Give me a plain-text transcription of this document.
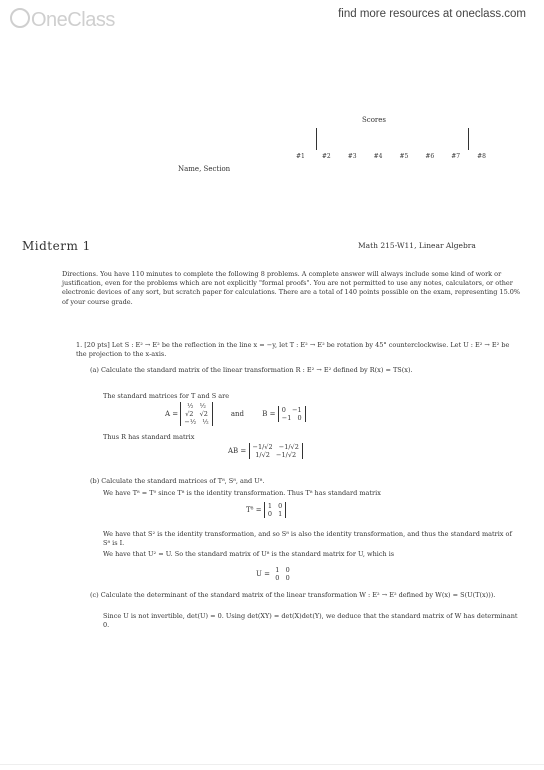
OneClass	find more resources at oneclass.com
Scores
#1	#2	#3	#4	#5	#6	#7	#8
Name, Section
Midterm 1	Math 215-W11, Linear Algebra
Directions. You have 110 minutes to complete the following 8 problems. A complete answer will always include some kind of work or justification, even for the problems which are not explicitly "formal proofs". You are not permitted to use any notes, calculators, or other electronic devices of any sort, but scratch paper for calculations. There are a total of 140 points possible on the exam, representing 15.0% of your course grade.
1. [20 pts] Let S : E² → E² be the reflection in the line x = −y, let T : E² → E² be rotation by 45° counterclockwise. Let U : E² → E² be the projection to the x-axis.
(a) Calculate the standard matrix of the linear transformation R : E² → E² defined by R(x) = TS(x).
The standard matrices for T and S are
A = ½   ½
√2   √2
−½   ½ and	B = 0   −1
−1   0
Thus R has standard matrix
AB = −1/√2   −1/√2
1/√2   −1/√2
(b) Calculate the standard matrices of T⁸, S⁸, and U⁸.
We have T⁸ = T⁰ since T⁸ is the identity transformation. Thus T⁸ has standard matrix
T⁸ = 1   0
0   1
We have that S² is the identity transformation, and so S⁸ is also the identity transformation, and thus the standard matrix of S⁸ is I.
We have that U² = U. So the standard matrix of U⁸ is the standard matrix for U, which is
U = 1   0
0   0
(c) Calculate the determinant of the standard matrix of the linear transformation W : E² → E² defined by W(x) = S(U(T(x))).
Since U is not invertible, det(U) = 0. Using det(XY) = det(X)det(Y), we deduce that the standard matrix of W has determinant 0.
